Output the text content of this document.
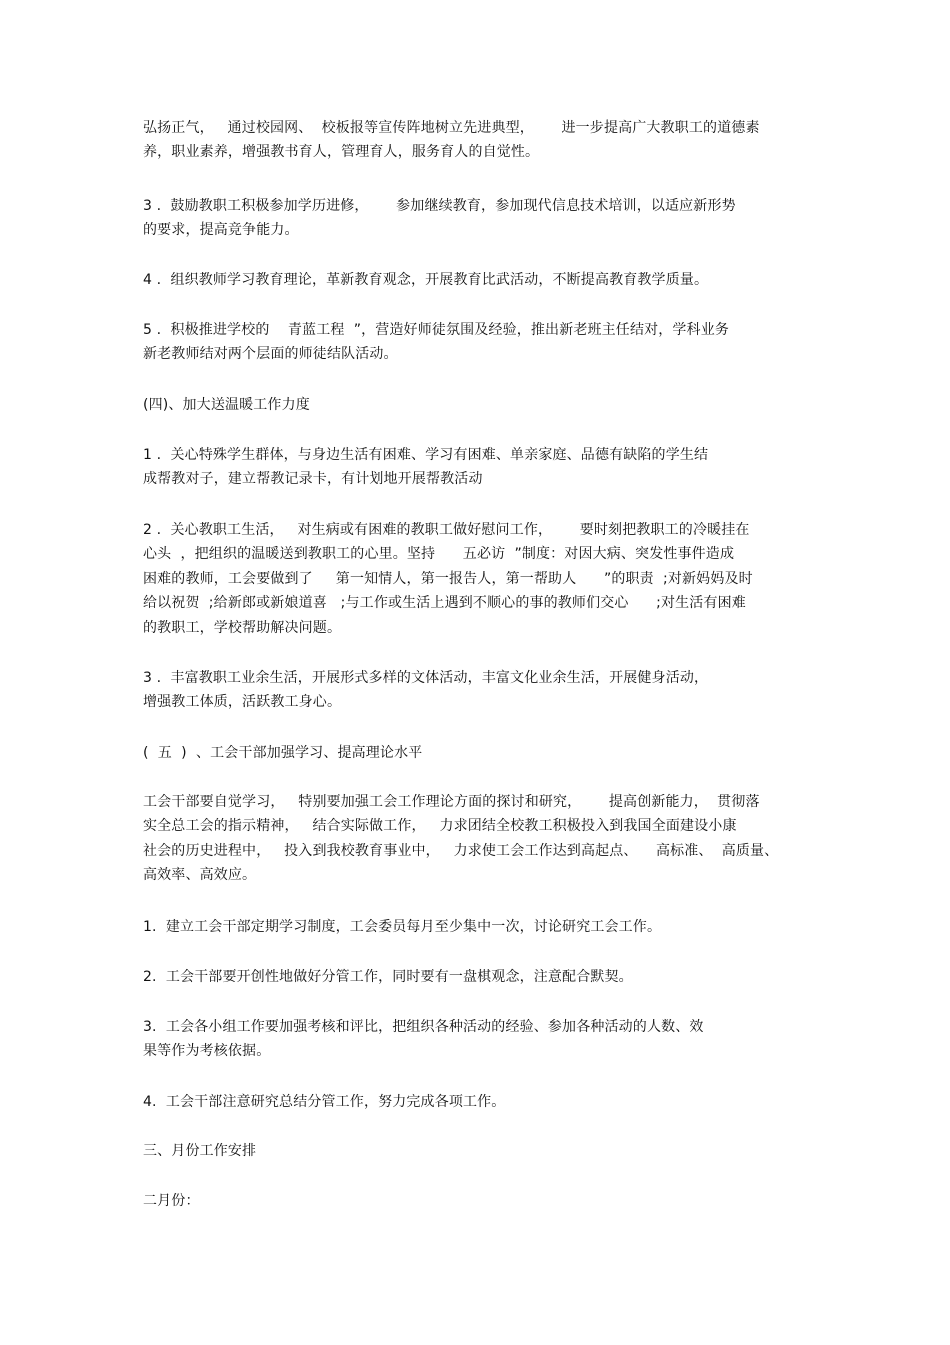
弘扬正气，   通过校园网、  校板报等宣传阵地树立先进典型，      进一步提高广大教职工的道德素
养，职业素养，增强教书育人，管理育人，服务育人的自觉性。
3 .  鼓励教职工积极参加学历进修，      参加继续教育，参加现代信息技术培训，以适应新形势
的要求，提高竞争能力。
4 .  组织教师学习教育理论，革新教育观念，开展教育比武活动，不断提高教育教学质量。
5 .  积极推进学校的    青蓝工程  ”，营造好师徒氛围及经验，推出新老班主任结对，学科业务
新老教师结对两个层面的师徒结队活动。
(四)、加大送温暖工作力度
1 .  关心特殊学生群体，与身边生活有困难、学习有困难、单亲家庭、品德有缺陷的学生结
成帮教对子，建立帮教记录卡，有计划地开展帮教活动
2 .  关心教职工生活，   对生病或有困难的教职工做好慰问工作，      要时刻把教职工的冷暖挂在
心头  ，把组织的温暖送到教职工的心里。坚持      五必访  ”制度：对因大病、突发性事件造成
困难的教师，工会要做到了     第一知情人，第一报告人，第一帮助人      ”的职责  ;对新妈妈及时
给以祝贺  ;给新郎或新娘道喜   ;与工作或生活上遇到不顺心的事的教师们交心      ;对生活有困难
的教职工，学校帮助解决问题。
3 .  丰富教职工业余生活，开展形式多样的文体活动，丰富文化业余生活，开展健身活动，
增强教工体质，活跃教工身心。
(  五  )  、工会干部加强学习、提高理论水平
工会干部要自觉学习，   特别要加强工会工作理论方面的探讨和研究，      提高创新能力，  贯彻落
实全总工会的指示精神，   结合实际做工作，   力求团结全校教工积极投入到我国全面建设小康
社会的历史进程中，   投入到我校教育事业中，   力求使工会工作达到高起点、    高标准、  高质量、
高效率、高效应。
1.  建立工会干部定期学习制度，工会委员每月至少集中一次，讨论研究工会工作。
2.  工会干部要开创性地做好分管工作，同时要有一盘棋观念，注意配合默契。
3.  工会各小组工作要加强考核和评比，把组织各种活动的经验、参加各种活动的人数、效
果等作为考核依据。
4.  工会干部注意研究总结分管工作，努力完成各项工作。
三、月份工作安排
二月份：
